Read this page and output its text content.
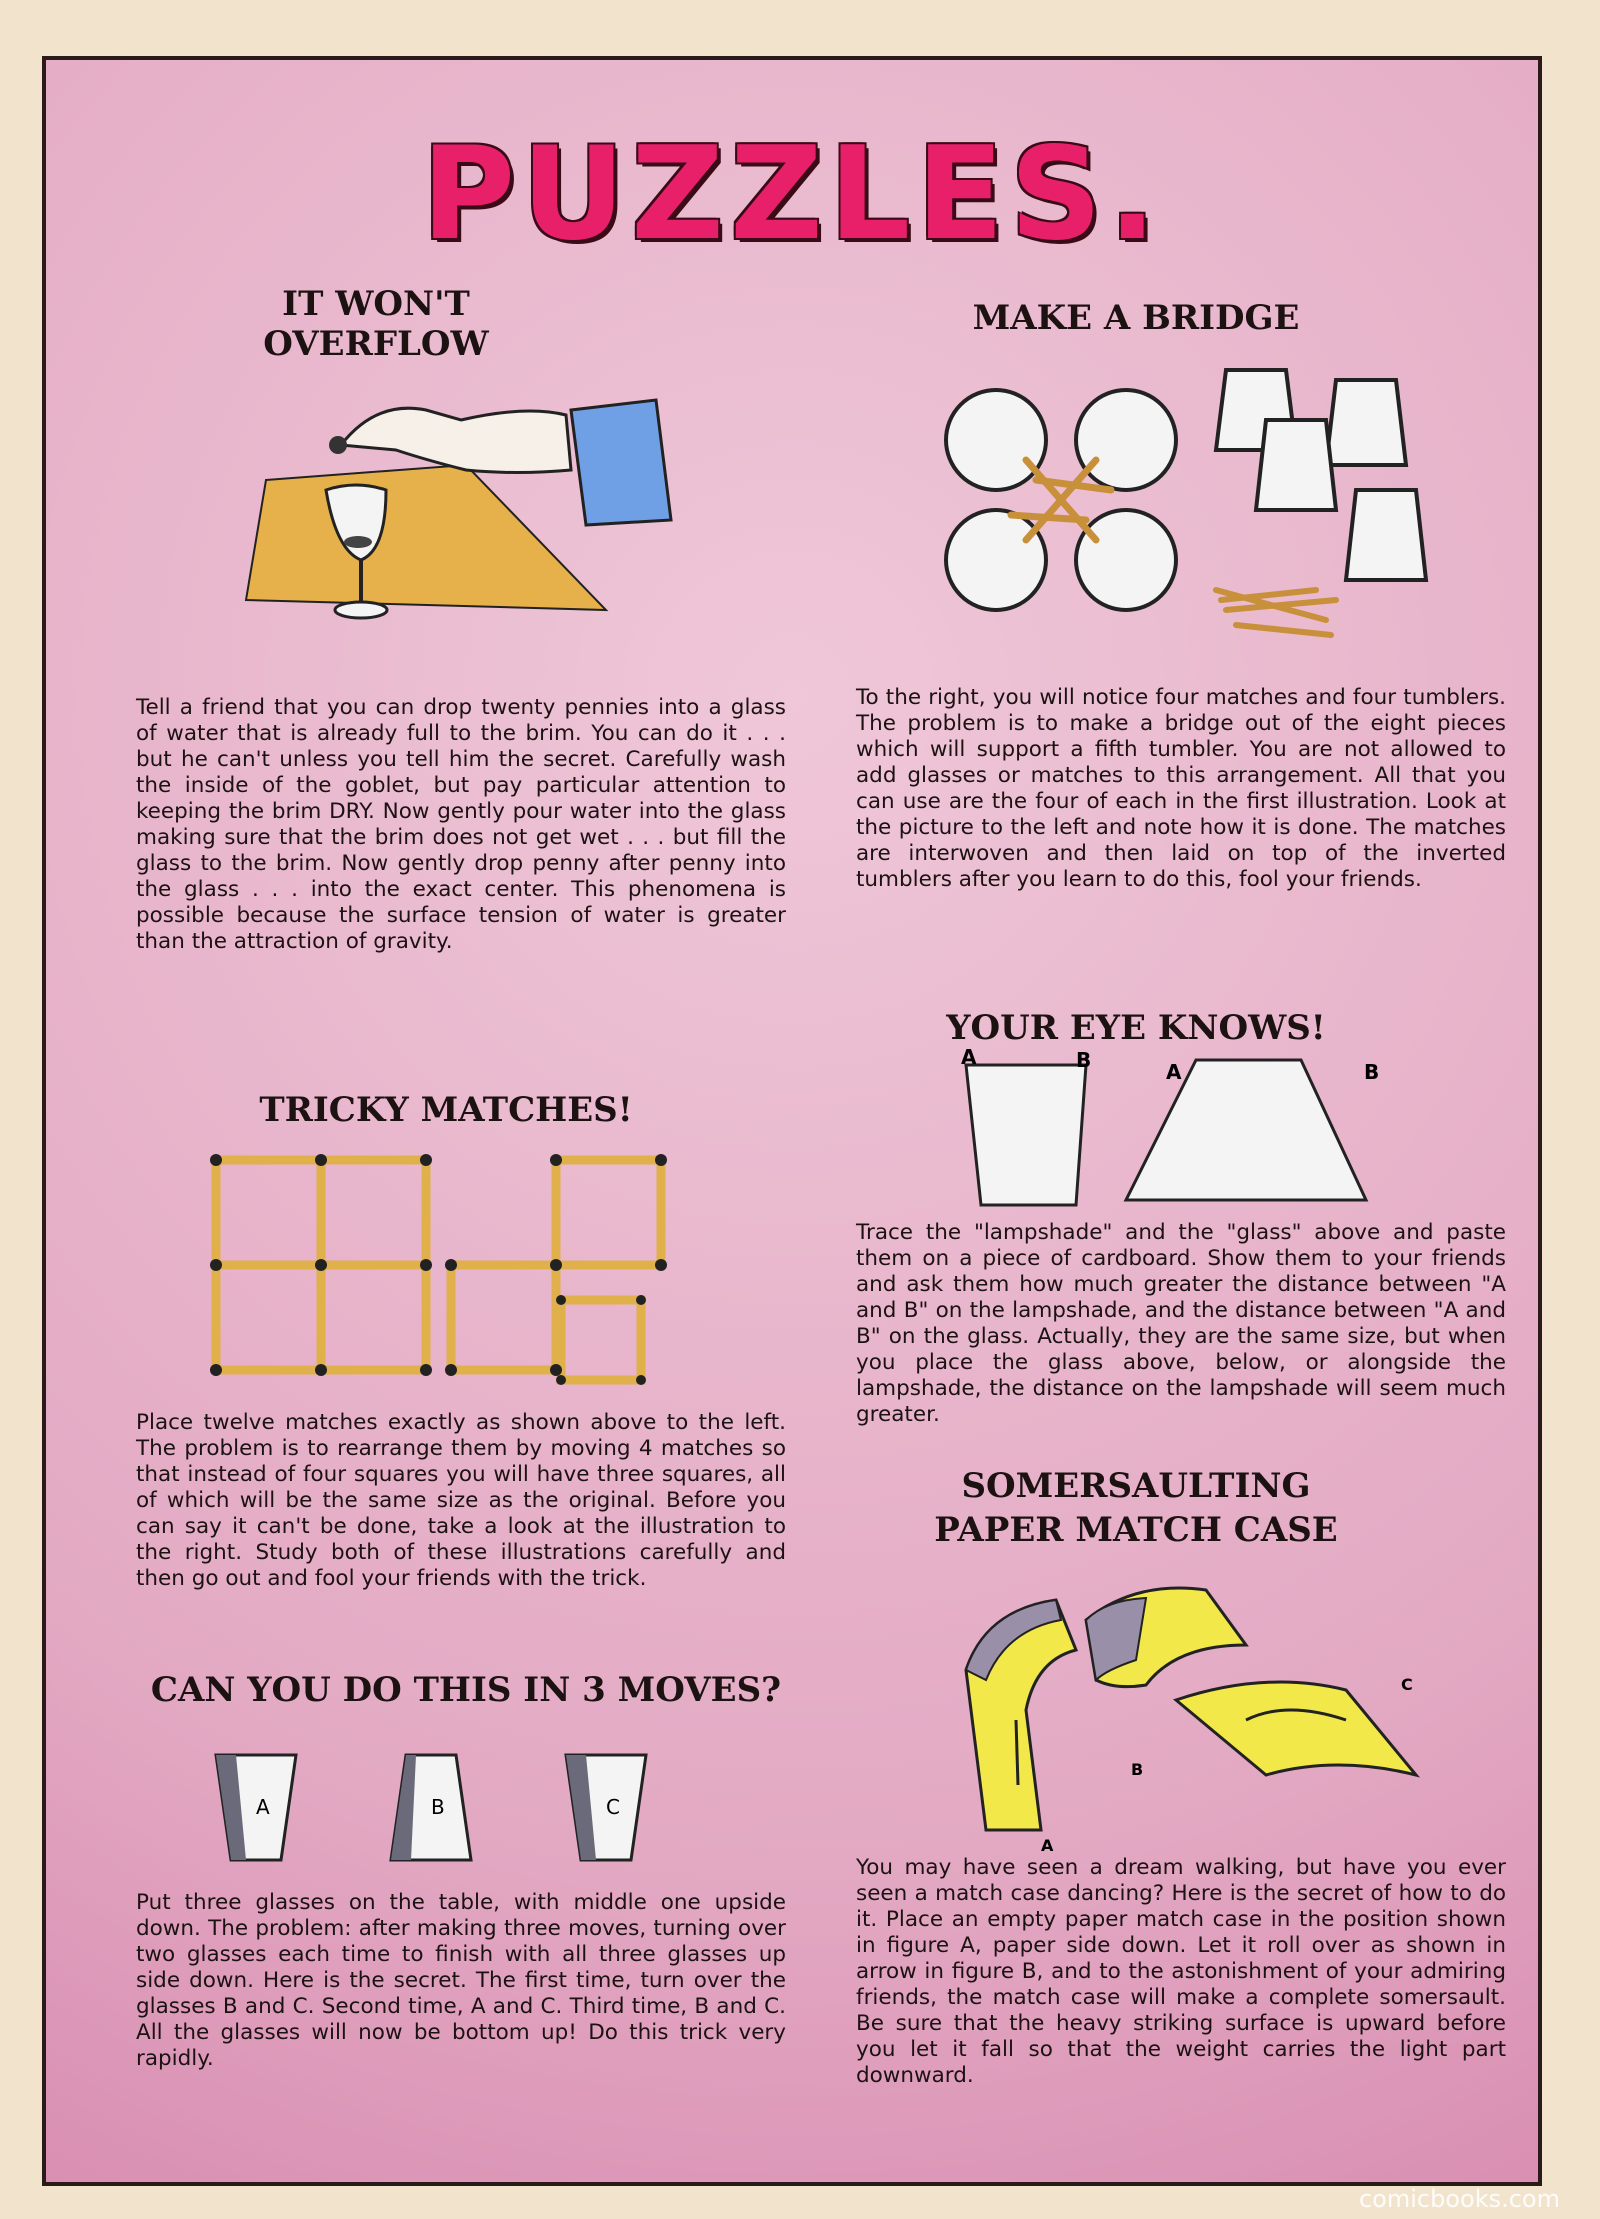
PUZZLES.
IT WON'T OVERFLOW
Tell a friend that you can drop twenty pennies into a glass of water that is already full to the brim. You can do it . . . but he can't unless you tell him the secret. Carefully wash the inside of the goblet, but pay particular attention to keeping the brim DRY. Now gently pour water into the glass making sure that the brim does not get wet . . . but fill the glass to the brim. Now gently drop penny after penny into the glass . . . into the exact center. This phenomena is possible because the surface tension of water is greater than the attraction of gravity.
MAKE A BRIDGE
To the right, you will notice four matches and four tumblers. The problem is to make a bridge out of the eight pieces which will support a fifth tumbler. You are not allowed to add glasses or matches to this arrangement. All that you can use are the four of each in the first illustration. Look at the picture to the left and note how it is done. The matches are interwoven and then laid on top of the inverted tumblers after you learn to do this, fool your friends.
TRICKY MATCHES!
Place twelve matches exactly as shown above to the left. The problem is to rearrange them by moving 4 matches so that instead of four squares you will have three squares, all of which will be the same size as the original. Before you can say it can't be done, take a look at the illustration to the right. Study both of these illustrations carefully and then go out and fool your friends with the trick.
YOUR EYE KNOWS!
A	B	A	B
Trace the "lampshade" and the "glass" above and paste them on a piece of cardboard. Show them to your friends and ask them how much greater the distance between "A and B" on the lampshade, and the distance between "A and B" on the glass. Actually, they are the same size, but when you place the glass above, below, or alongside the lampshade, the distance on the lampshade will seem much greater.
SOMERSAULTING
PAPER MATCH CASE
A
B
C
You may have seen a dream walking, but have you ever seen a match case dancing? Here is the secret of how to do it. Place an empty paper match case in the position shown in figure A, paper side down. Let it roll over as shown in arrow in figure B, and to the astonishment of your admiring friends, the match case will make a complete somersault. Be sure that the heavy striking surface is upward before you let it fall so that the weight carries the light part downward.
CAN YOU DO THIS IN 3 MOVES?
A	B	C
Put three glasses on the table, with middle one upside down. The problem: after making three moves, turning over two glasses each time to finish with all three glasses up side down. Here is the secret. The first time, turn over the glasses B and C. Second time, A and C. Third time, B and C. All the glasses will now be bottom up! Do this trick very rapidly.
comicbooks.com
